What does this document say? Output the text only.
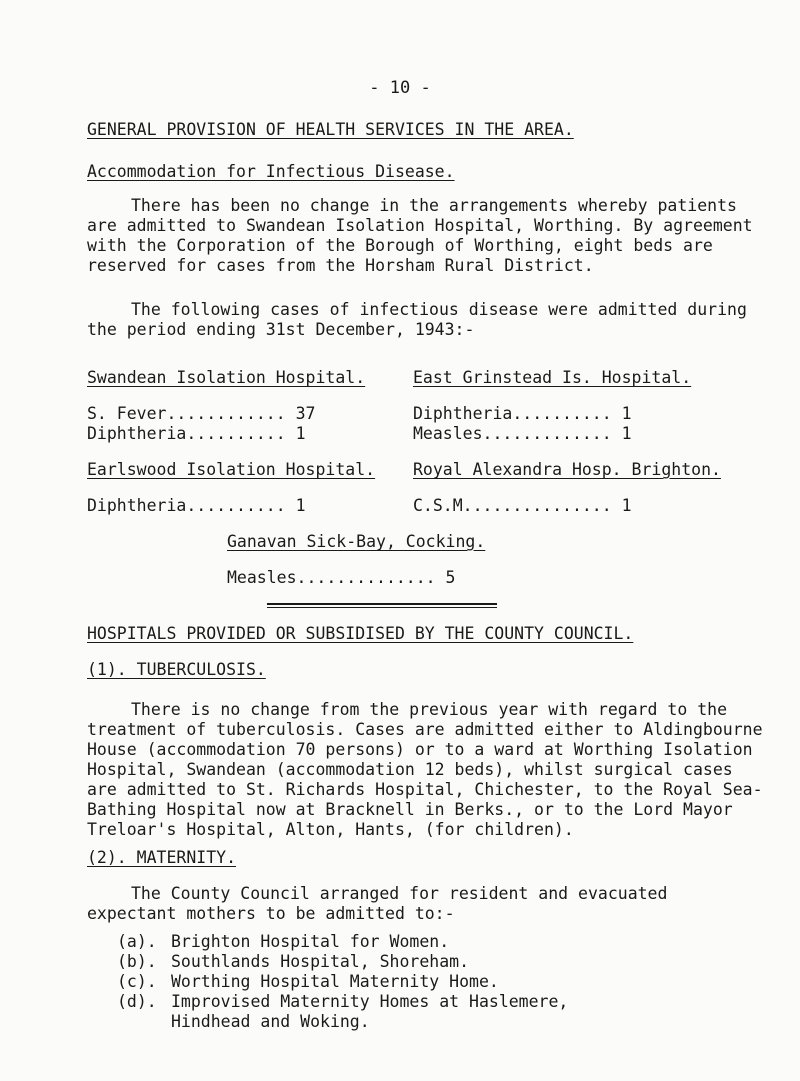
- 10 -
GENERAL PROVISION OF HEALTH SERVICES IN THE AREA.
Accommodation for Infectious Disease.
There has been no change in the arrangements whereby patients are admitted to Swandean Isolation Hospital, Worthing. By agreement with the Corporation of the Borough of Worthing, eight beds are reserved for cases from the Horsham Rural District.
The following cases of infectious disease were admitted during the period ending 31st December, 1943:-
Swandean Isolation Hospital.
S. Fever............ 37
Diphtheria.......... 1
East Grinstead Is. Hospital.
Diphtheria.......... 1
Measles............. 1
Earlswood Isolation Hospital.
Diphtheria.......... 1
Royal Alexandra Hosp. Brighton.
C.S.M............... 1
Ganavan Sick-Bay, Cocking.
Measles.............. 5
HOSPITALS PROVIDED OR SUBSIDISED BY THE COUNTY COUNCIL.
(1). TUBERCULOSIS.
There is no change from the previous year with regard to the treatment of tuberculosis. Cases are admitted either to Aldingbourne House (accommodation 70 persons) or to a ward at Worthing Isolation Hospital, Swandean (accommodation 12 beds), whilst surgical cases are admitted to St. Richards Hospital, Chichester, to the Royal Sea-Bathing Hospital now at Bracknell in Berks., or to the Lord Mayor Treloar's Hospital, Alton, Hants, (for children).
(2). MATERNITY.
The County Council arranged for resident and evacuated expectant mothers to be admitted to:-
(a). Brighton Hospital for Women.
(b). Southlands Hospital, Shoreham.
(c). Worthing Hospital Maternity Home.
(d). Improvised Maternity Homes at Haslemere,
Hindhead and Woking.
